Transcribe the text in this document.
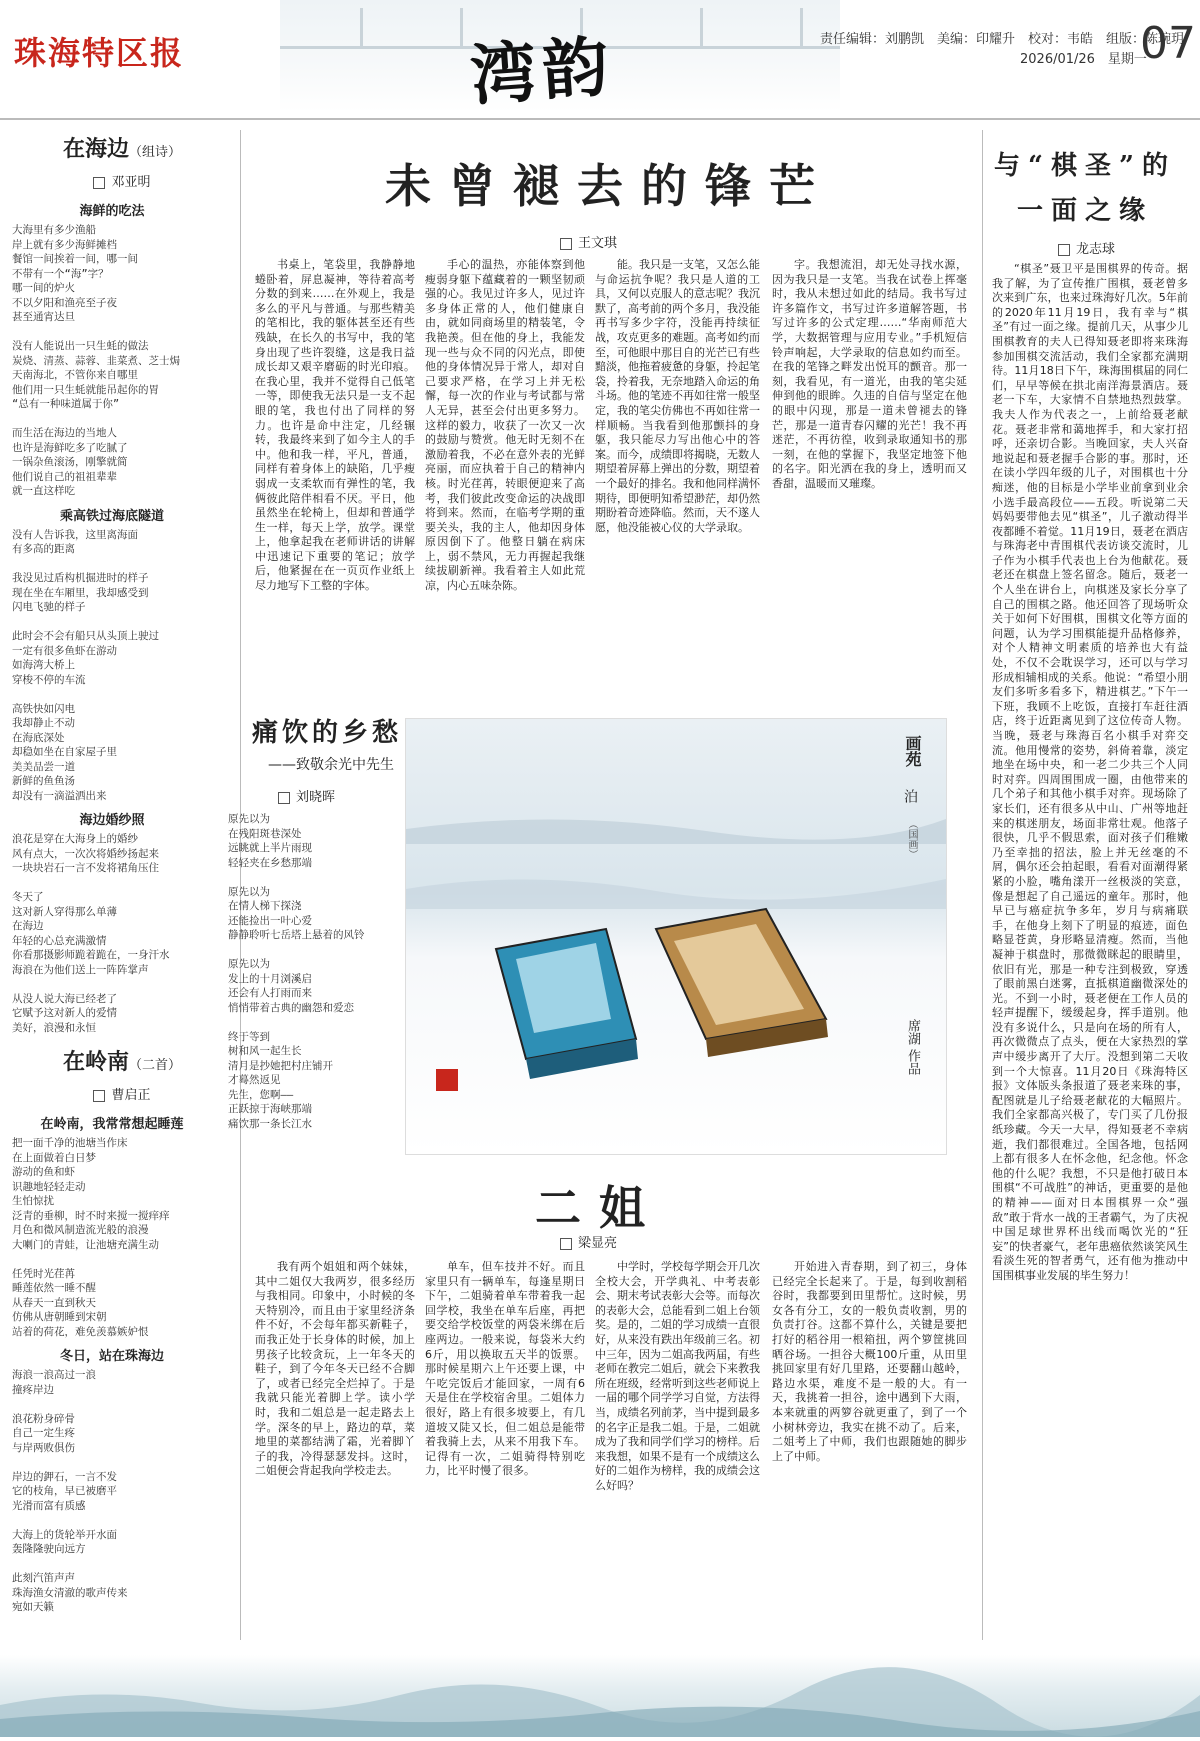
珠海特区报	湾韵	责任编辑：刘鹏凯　美编：印耀升　校对：韦皓　组版：陈琬玥
2026/01/26　星期一
07
在海边（组诗）
邓亚明
海鲜的吃法
大海里有多少渔船
岸上就有多少海鲜摊档
餐馆一间挨着一间，哪一间
不带有一个“海”字？
哪一间的炉火
不以夕阳和渔亮至子夜
甚至通宵达旦

没有人能说出一只生蚝的做法
炭烧、清蒸、蒜蓉、韭菜煮、芝士焗
天南海北，不管你来自哪里
他们用一只生蚝就能吊起你的胃
“总有一种味道属于你”

而生活在海边的当地人
也许是海鲜吃多了吃腻了
一锅杂鱼滚汤，刚擎就简
他们说自己的祖祖辈辈
就一直这样吃
乘高铁过海底隧道
没有人告诉我，这里离海面
有多高的距离

我没见过盾构机掘进时的样子
现在坐在车厢里，我却感受到
闪电飞驰的样子

此时会不会有船只从头顶上驶过
一定有很多鱼虾在游动
如海湾大桥上
穿梭不停的车流

高铁快如闪电
我却静止不动
在海底深处
却稳如坐在自家屋子里
美美品尝一道
新鲜的鱼鱼汤
却没有一滴溢洒出来
海边婚纱照
浪花是穿在大海身上的婚纱
风有点大，一次次将婚纱扬起来
一块块岩石一言不发将裙角压住

冬天了
这对新人穿得那么单薄
在海边
年轻的心总充满激情
你看那摄影师跪着跪在，一身汗水
海浪在为他们送上一阵阵掌声

从没人说大海已经老了
它赋予这对新人的爱情
美好，浪漫和永恒
在岭南（二首）
曹启正
在岭南，我常常想起睡莲
把一面千净的池塘当作床
在上面做着白日梦
游动的鱼和虾
识趣地轻轻走动
生怕惊扰
泛青的垂柳，时不时来搅一搅痒痒
月色和微风制造流光般的浪漫
大喇门的青蛙，让池塘充满生动

任凭时光荏苒
睡莲依然一睡不醒
从春天一直到秋天
仿佛从唐朝睡到宋朝
站着的荷花，难免羡慕嫉妒恨
冬日，站在珠海边
海浪一浪高过一浪
撞疼岸边

浪花粉身碎骨
自己一定生疼
与岸两败俱伤

岸边的鉀石，一言不发
它的枝角，早已被磨平
光滑而富有质感

大海上的货轮举开水面
轰隆隆驶向远方

此刻汽笛声声
珠海渔女清澈的歌声传来
宛如天籁
未曾褪去的锋芒
王文琪
书桌上，笔袋里，我静静地蜷卧着，屏息凝神，等待着高考分数的到来……在外观上，我是多么的平凡与普通。与那些精美的笔相比，我的躯体甚至还有些残缺，在长久的书写中，我的笔身出现了些许裂缝，这是我日益成长却又艰辛磨砺的时光印痕。在我心里，我并不觉得自己低笔一等，即使我无法只是一支不起眼的笔，我也付出了同样的努力。也许是命中注定，几经辗转，我最终来到了如今主人的手中。他和我一样，平凡，普通，同样有着身体上的缺陷，几乎瘦弱成一支柔软而有弹性的笔，我俩彼此陪伴相看不厌。平日，他虽然坐在轮椅上，但却和普通学生一样，每天上学，放学。课堂上，他拿起我在老师讲话的讲解中迅速记下重要的笔记；放学后，他紧握在在一页页作业纸上尽力地写下工整的字体。
手心的温热，亦能体察到他瘦弱身躯下蕴藏着的一颗坚韧顽强的心。我见过许多人，见过许多身体正常的人，他们健康自由，就如同商场里的精装笔，令我艳羡。但在他的身上，我能发现一些与众不同的闪光点，即使他的身体情况异于常人，却对自己要求严格，在学习上并无松懈，每一次的作业与考试都与常人无异，甚至会付出更多努力。这样的毅力，收获了一次又一次的鼓励与赞赏。他无时无刻不在激励着我，不必在意外表的光鲜亮丽，而应执着于自己的精神内核。时光荏苒，转眼便迎来了高考，我们彼此改变命运的决战即将到来。然而，在临考学期的重要关头，我的主人，他却因身体原因倒下了。他整日躺在病床上，弱不禁风，无力再握起我继续拔刷新禅。我看着主人如此荒凉，内心五味杂陈。
能。我只是一支笔，又怎么能与命运抗争呢？我只是人道的工具，又何以克服人的意志呢？我沉默了，高考前的两个多月，我没能再书写多少字符，没能再持续征战，攻克更多的难题。高考如约而至，可他眼中那目自的光芒已有些黯淡，他拖着疲惫的身躯，拎起笔袋，拎着我，无奈地踏入命运的角斗场。他的笔迹不再如往常一般坚定，我的笔尖仿佛也不再如往常一样顺畅。当我看到他那颤抖的身躯，我只能尽力写出他心中的答案。而今，成绩即将揭晓，无数人期望着屏幕上弹出的分数，期望着一个最好的排名。我和他同样满怀期待，即便明知希望渺茫，却仍然期盼着奇迹降临。然而，天不遂人愿，他没能被心仪的大学录取。
字。我想流泪，却无处寻找水源，因为我只是一支笔。当我在试卷上挥毫时，我从未想过如此的结局。我书写过许多篇作文，书写过许多道解答题，书写过许多的公式定理……“华南师范大学，大数据管理与应用专业。”手机短信铃声响起，大学录取的信息如约而至。在我的笔锋之畔发出悦耳的颤音。那一刻，我看见，有一道光，由我的笔尖延伸到他的眼眸。久违的自信与坚定在他的眼中闪现，那是一道未曾褪去的锋芒，那是一道青春闪耀的光芒！我不再迷茫，不再彷徨，收到录取通知书的那一刻，在他的掌握下，我坚定地签下他的名字。阳光洒在我的身上，透明而又香甜，温暖而又璀璨。
痛饮的乡愁
——致敬余光中先生
刘晓晖
原先以为
在残阳斑巷深处
远眺就上半片雨现
轻轻夹在乡愁那端

原先以为
在情人梯下探浇
还能捡出一叶心爱
静静聆听七岳塔上悬着的风铃

原先以为
发上的十月浏溪启
还会有人打雨而来
悄悄带着古典的幽怨和爱恋

终于等到
树和风一起生长
清月是抄她把村庄铺开
才蓦然返见
先生，您啊——
正跃掠于海峡那端
痛饮那一条长江水
画苑
泊
（国画）
席湖 作品
二姐
梁显亮
我有两个姐姐和两个妹妹，其中二姐仅大我两岁，很多经历与我相同。印象中，小时候的冬天特别冷，而且由于家里经济条件不好，不会每年都买新鞋子，而我正处于长身体的时候，加上男孩子比较贪玩，上一年冬天的鞋子，到了今年冬天已经不合脚了，或者已经完全烂掉了。于是我就只能光着脚上学。读小学时，我和二姐总是一起走路去上学。深冬的早上，路边的草，菜地里的菜都结满了霜，光着脚丫子的我，冷得瑟瑟发抖。这时，二姐便会背起我向学校走去。
单车，但车技并不好。而且家里只有一辆单车，每逢星期日下午，二姐骑着单车带着我一起回学校，我坐在单车后座，再把要交给学校饭堂的两袋米绑在后座两边。一般来说，每袋米大约6斤，用以换取五天半的饭票。那时候星期六上午还要上课，中午吃完饭后才能回家，一周有6天是住在学校宿舍里。二姐体力很好，路上有很多坡要上，有几道坡又陡又长，但二姐总是能带着我骑上去，从来不用我下车。记得有一次，二姐骑得特别吃力，比平时慢了很多。
中学时，学校每学期会开几次全校大会，开学典礼、中考表彰会、期末考试表彰大会等。而每次的表彰大会，总能看到二姐上台领奖。是的，二姐的学习成绩一直很好，从来没有跌出年级前三名。初中三年，因为二姐高我两届，有些老师在教完二姐后，就会下来教我所在班级，经常听到这些老师说上一届的哪个同学学习自觉，方法得当，成绩名列前茅，当中提到最多的名字正是我二姐。于是，二姐就成为了我和同学们学习的榜样。后来我想，如果不是有一个成绩这么好的二姐作为榜样，我的成绩会这么好吗？
开始进入青春期，到了初三，身体已经完全长起来了。于是，每到收割稻谷时，我都要到田里帮忙。这时候，男女各有分工，女的一般负责收割，男的负责打谷。这都不算什么，关键是要把打好的稻谷用一根箱扭，两个箩筐挑回晒谷场。一担谷大概100斤重，从田里挑回家里有好几里路，还要翻山越岭，路边水渠，难度不是一般的大。有一天，我挑着一担谷，途中遇到下大雨，本来就重的两箩谷就更重了，到了一个小树林旁边，我实在挑不动了。后来，二姐考上了中师，我们也跟随她的脚步上了中师。
与“棋圣”的
一面之缘
龙志球
“棋圣”聂卫平是围棋界的传奇。据我了解，为了宣传推广围棋，聂老曾多次来到广东，也来过珠海好几次。5年前的2020年11月19日，我有幸与“棋圣”有过一面之缘。提前几天，从事少儿围棋教育的夫人已得知聂老即将来珠海参加围棋交流活动，我们全家都充满期待。11月18日下午，珠海围棋届的同仁们，早早等候在拱北南洋海景酒店。聂老一下车，大家情不自禁地热烈鼓掌。我夫人作为代表之一，上前给聂老献花。聂老非常和蔼地挥手，和大家打招呼，还亲切合影。当晚回家，夫人兴奋地说起和聂老握手合影的事。那时，还在读小学四年级的儿子，对围棋也十分痴迷，他的目标是小学毕业前拿到业余小选手最高段位——五段。听说第二天妈妈要带他去见“棋圣”，儿子激动得半夜都睡不着觉。11月19日，聂老在酒店与珠海老中青围棋代表访谈交流时，儿子作为小棋手代表也上台为他献花。聂老还在棋盘上签名留念。随后，聂老一个人坐在讲台上，向棋迷及家长分享了自己的围棋之路。他还回答了现场听众关于如何下好围棋，围棋文化等方面的问题，认为学习围棋能提升品格修养，对个人精神文明素质的培养也大有益处，不仅不会耽误学习，还可以与学习形成相辅相成的关系。他说：“希望小朋友们多听多看多下，精进棋艺。”下午一下班，我顾不上吃饭，直接打车赶往酒店，终于近距离见到了这位传奇人物。当晚，聂老与珠海百名小棋手对弈交流。他用慢常的姿势，斜倚着靠，淡定地坐在场中央，和一老二少共三个人同时对弈。四周围围成一圈，由他带来的几个弟子和其他小棋手对弈。现场除了家长们，还有很多从中山、广州等地赶来的棋迷朋友，场面非常壮观。他落子很快，几乎不假思索，面对孩子们稚嫩乃至幸拙的招法，脸上并无丝毫的不屑，偶尔还会拍起眼，看看对面潮得紧紧的小脸，嘴角漾开一丝极淡的笑意，像是想起了自己遥远的童年。那时，他早已与癌症抗争多年，岁月与病痛联手，在他身上刻下了明显的痕迹，面色略显苍黄，身形略显清瘦。然而，当他凝神于棋盘时，那微微眯起的眼睛里，依旧有光，那是一种专注到极致，穿透了眼前黑白迷雾，直抵棋道幽微深处的光。不到一小时，聂老便在工作人员的轻声提醒下，缓缓起身，挥手道别。他没有多说什么，只是向在场的所有人，再次微微点了点头，便在大家热烈的掌声中缓步离开了大厅。没想到第二天收到一个大惊喜。11月20日《珠海特区报》文体版头条报道了聂老来珠的事，配图就是儿子给聂老献花的大幅照片。我们全家都高兴极了，专门买了几份报纸珍藏。今天一大早，得知聂老不幸病逝，我们都很难过。全国各地，包括网上都有很多人在怀念他，纪念他。怀念他的什么呢？我想，不只是他打破日本围棋“不可战胜”的神话，更重要的是他的精神——面对日本围棋界一众“强敌”敢于背水一战的王者霸气，为了庆祝中国足球世界杯出线而喝饮光的“狂妄”的快者豪气，老年患癌依然谈笑风生看淡生死的智者勇气，还有他为推动中国围棋事业发展的毕生努力！
